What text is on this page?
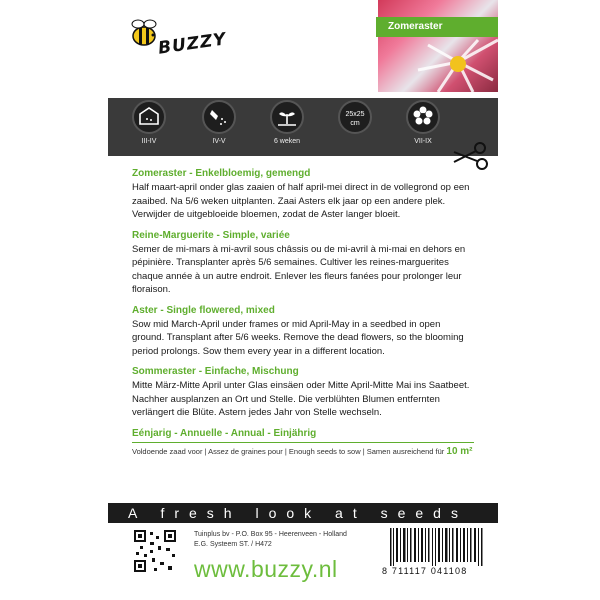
BUZZY
Zomeraster
III-IV	IV-V	6 weken
25x25 cm
VII-IX

Zomeraster - Enkelbloemig, gemengd

Half maart-april onder glas zaaien of half april-mei direct in de vollegrond op een zaaibed. Na 5/6 weken uitplanten. Zaai Asters elk jaar op een andere plek. Verwijder de uitgebloeide bloemen, zodat de Aster langer bloeit.

Reine-Marguerite - Simple, variée

Semer de mi-mars à mi-avril sous châssis ou de mi-avril à mi-mai en dehors en pépinière. Transplanter après 5/6 semaines. Cultiver les reines-marguerites chaque année à un autre endroit. Enlever les fleurs fanées pour prolonger leur floraison.

Aster - Single flowered, mixed

Sow mid March-April under frames or mid April-May in a seedbed in open ground. Transplant after 5/6 weeks. Remove the dead flowers, so the blooming period prolongs. Sow them every year in a different location.

Sommeraster - Einfache, Mischung

Mitte März-Mitte April unter Glas einsäen oder Mitte April-Mitte Mai ins Saatbeet. Nachher ausplanzen an Ort und Stelle. Die verblühten Blumen entfernten verlängert die Blüte. Astern jedes Jahr von Stelle wechseln.

Eénjarig - Annuelle - Annual - Einjährig
Voldoende zaad voor | Assez de graines pour | Enough seeds to sow | Samen ausreichend für 10 m²
A fresh look at seeds
Tuinplus bv - P.O. Box 95 - Heerenveen - Holland
E.G. Systeem ST. / H472
www.buzzy.nl	8 711117 041108
